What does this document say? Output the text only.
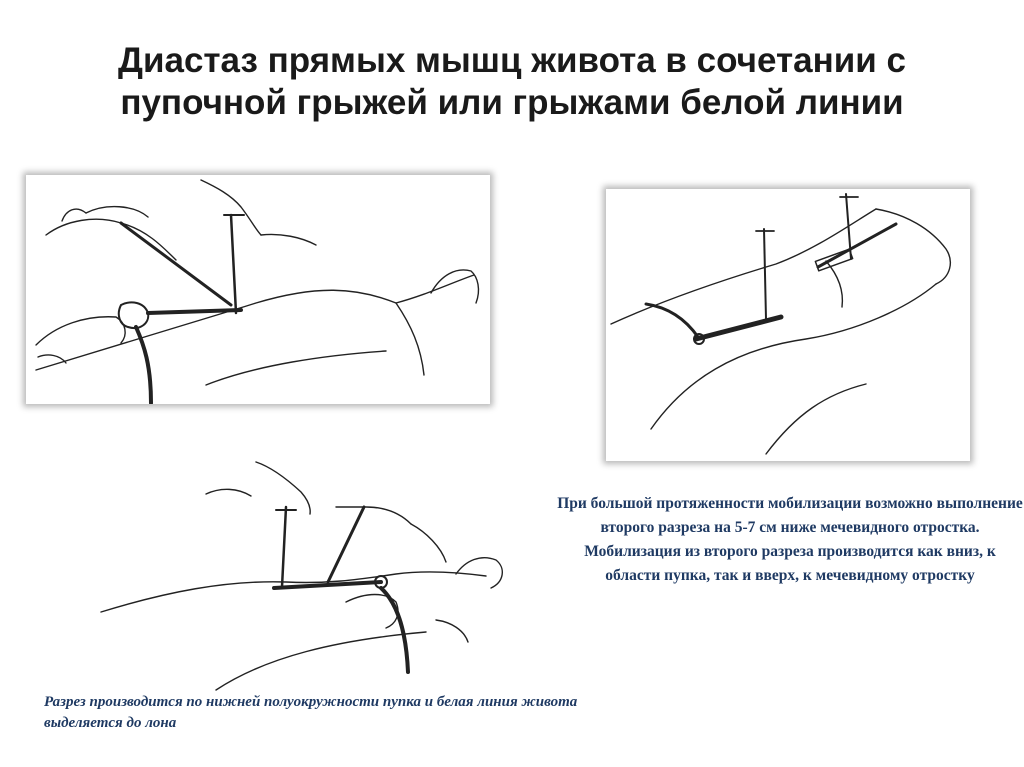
Диастаз прямых мышц живота в сочетании с пупочной грыжей или грыжами белой линии
При большой протяженности мобилизации возможно выполнение второго разреза на 5-7 см ниже мечевидного отростка. Мобилизация из второго разреза производится как вниз, к области пупка, так и вверх, к мечевидному отростку
Разрез производится по нижней полуокружности пупка и белая линия живота выделяется до лона
